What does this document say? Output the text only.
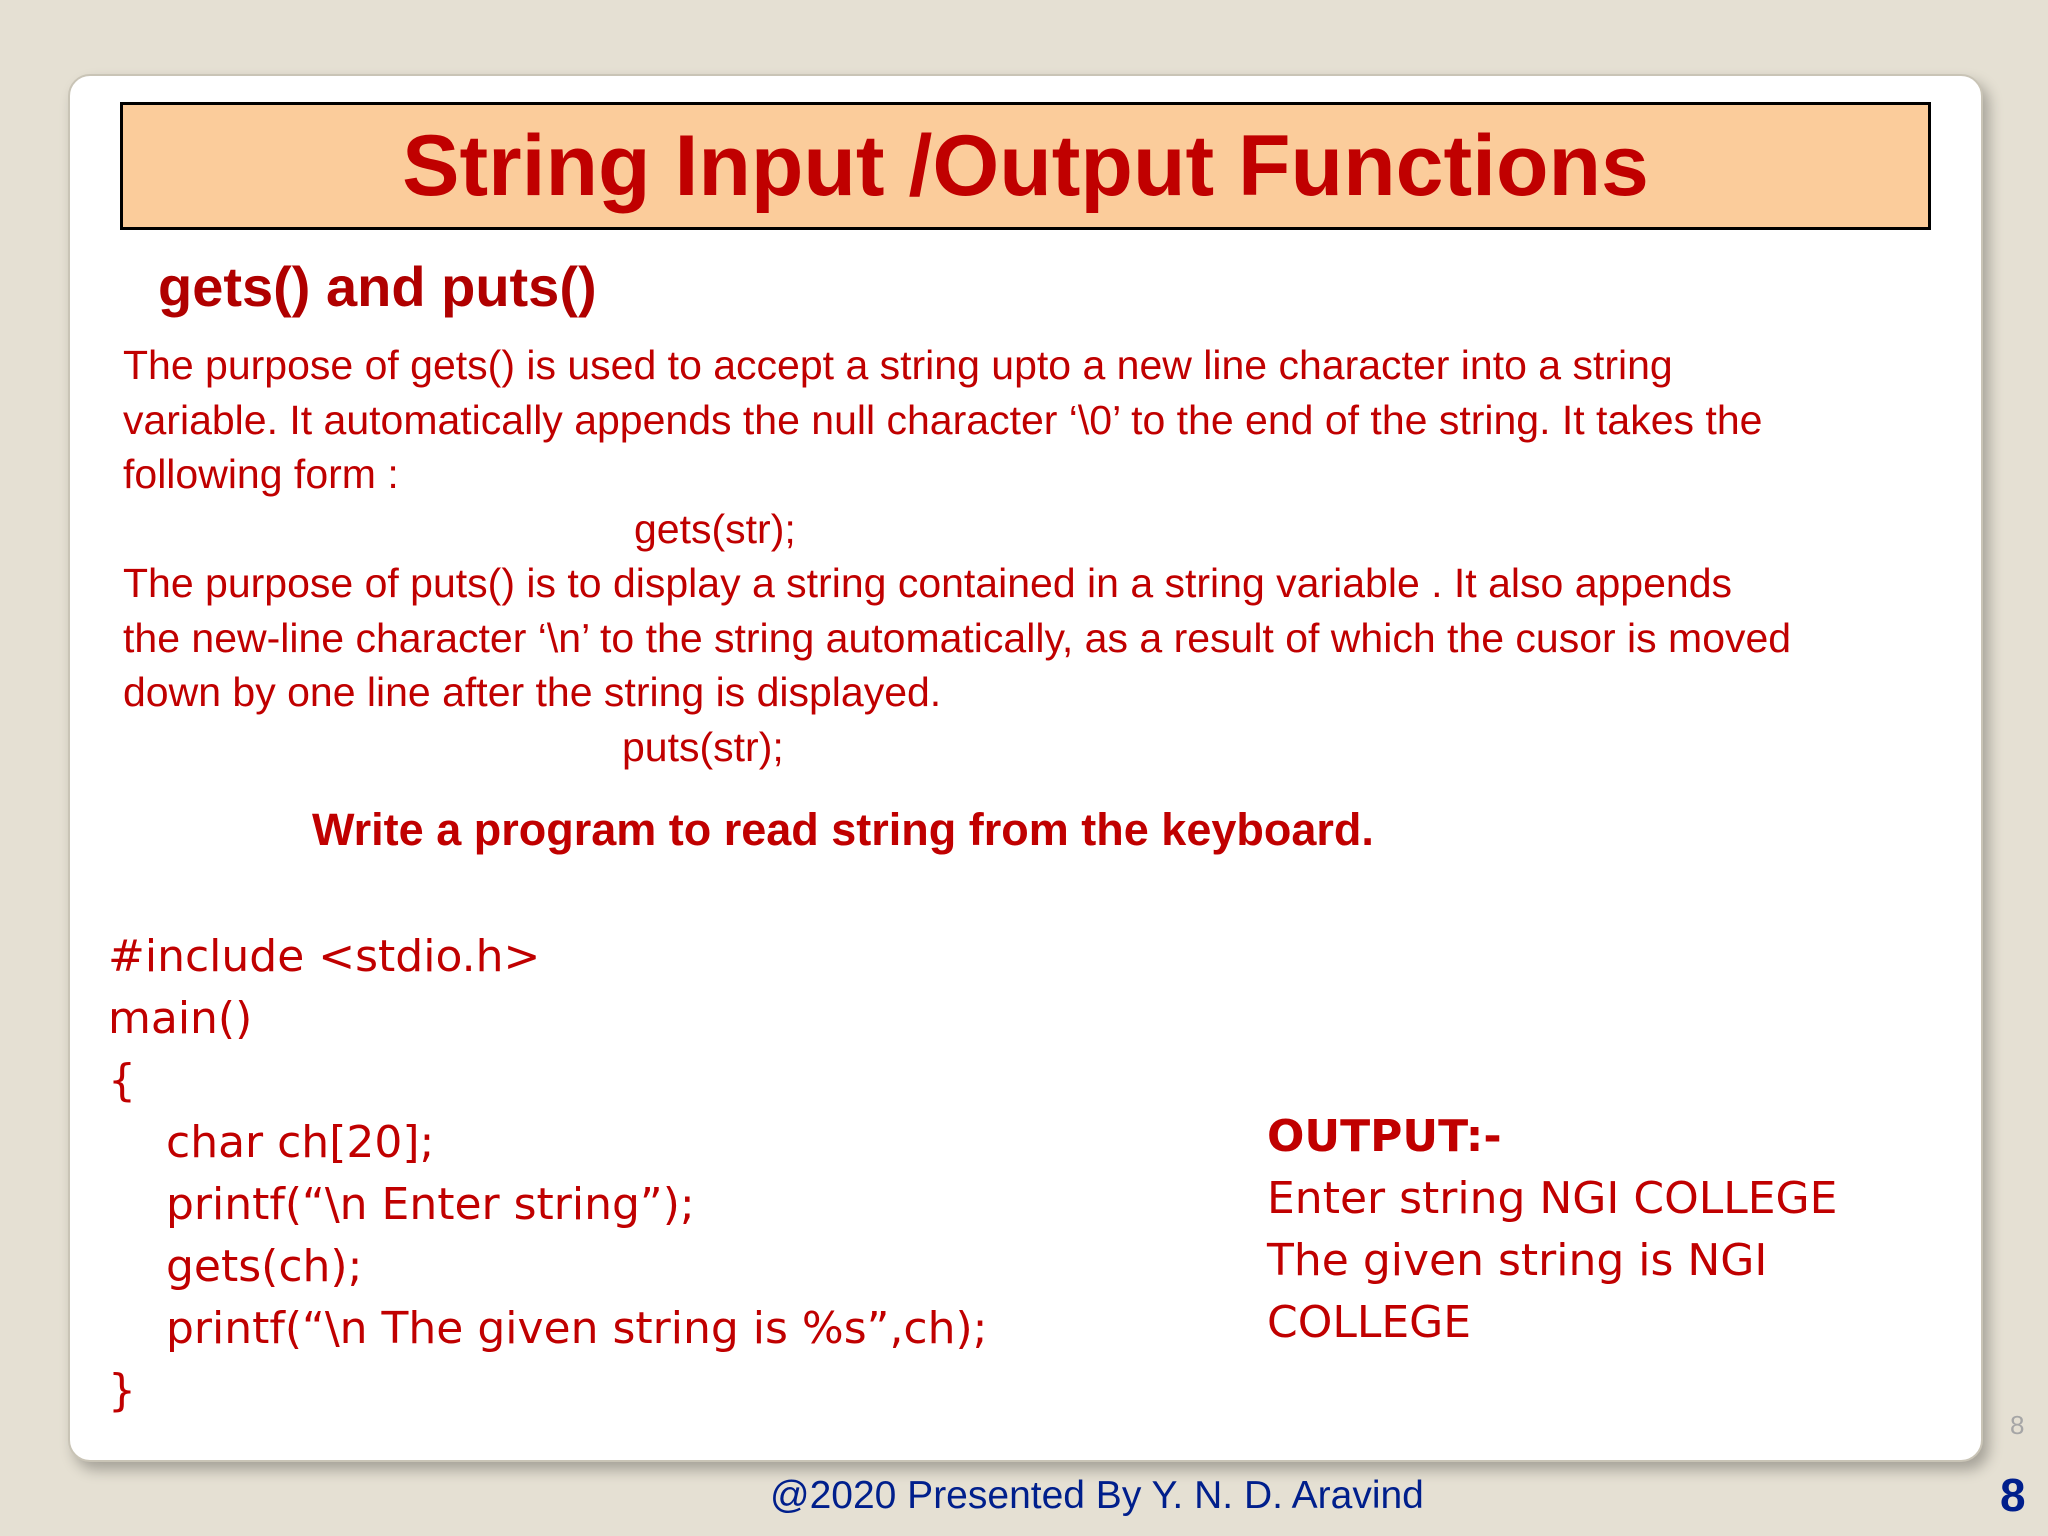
String Input /Output Functions
gets() and puts()
The purpose of gets() is used to accept a string upto a new line character into a string
variable. It automatically appends the null character ‘\0’ to the end of the string. It takes the
following form :
gets(str);
The purpose of puts() is to display a string contained in a string variable . It also appends
the new-line character ‘\n’ to the string automatically, as a result of which the cusor is moved
down by one line after the string is displayed.
puts(str);
Write a program to read string from the keyboard.
#include <stdio.h>
main()
{
char ch[20];
printf(“\n Enter string”);
gets(ch);
printf(“\n The given string is %s”,ch);
}
OUTPUT:-
Enter string NGI COLLEGE
The given string is NGI COLLEGE
8
@2020 Presented By Y. N. D. Aravind	8
